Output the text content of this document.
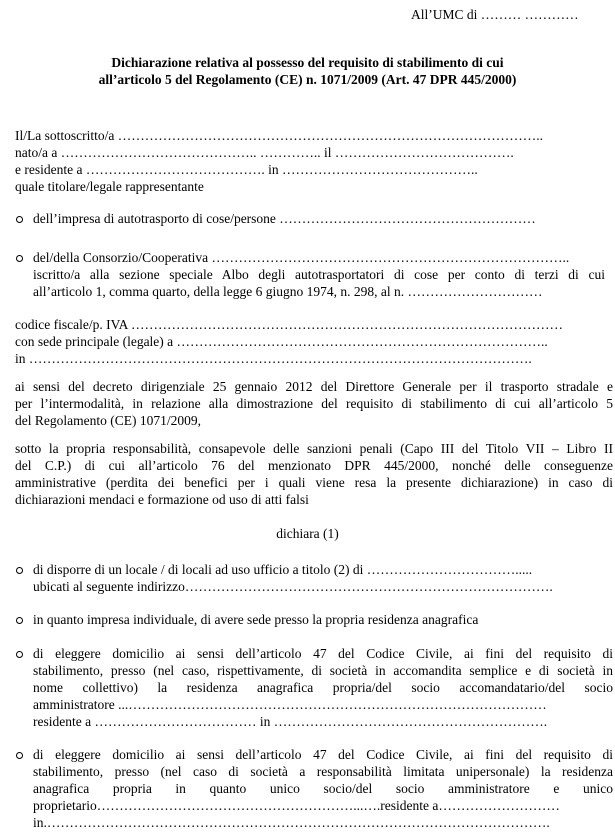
All’UMC di ……… …………
Dichiarazione relativa al possesso del requisito di stabilimento di cui
all’articolo 5 del Regolamento (CE) n. 1071/2009 (Art. 47 DPR 445/2000)
Il/La sottoscritto/a …………………………………………………………………………………..
nato/a a …………………………………….. ………….. il ………………………………….
e residente a …………………………………. in ……………………………………..
quale titolare/legale rappresentante
dell’impresa di autotrasporto di cose/persone …………………………………………………
del/della Consorzio/Cooperativa ……………………………………………………………………..
iscritto/a alla sezione speciale Albo degli autotrasportatori di cose per conto di terzi di cui
all’articolo 1, comma quarto, della legge 6 giugno 1974, n. 298, al n. …………………………
codice fiscale/p. IVA ……………………………………………………………………………………
con sede principale (legale) a ………………………………………………………………………..
in ………………………………………………………………………………………………….
ai sensi del decreto dirigenziale 25 gennaio 2012 del Direttore Generale per il trasporto stradale e
per l’intermodalità, in relazione alla dimostrazione del requisito di stabilimento di cui all’articolo 5
del Regolamento (CE) 1071/2009,
sotto la propria responsabilità, consapevole delle sanzioni penali (Capo III del Titolo VII – Libro II
del C.P.) di cui all’articolo 76 del menzionato DPR 445/2000, nonché delle conseguenze
amministrative (perdita dei benefici per i quali viene resa la presente dichiarazione) in caso di
dichiarazioni mendaci e formazione od uso di atti falsi
dichiara (1)
di disporre di un locale / di locali ad uso ufficio a titolo (2) di …………………………….....
ubicati al seguente indirizzo……………………………………………………………………….
in quanto impresa individuale, di avere sede presso la propria residenza anagrafica
di eleggere domicilio ai sensi dell’articolo 47 del Codice Civile, ai fini del requisito di
stabilimento, presso (nel caso, rispettivamente, di società in accomandita semplice e di società in
nome collettivo) la residenza anagrafica propria/del socio accomandatario/del socio
amministratore ...…………………………………………………………………………………
residente a ……………………………… in …………………………………………………….
di eleggere domicilio ai sensi dell’articolo 47 del Codice Civile, ai fini del requisito di
stabilimento, presso (nel caso di società a responsabilità limitata unipersonale) la residenza
anagrafica propria in quanto unico socio/del socio amministratore e unico
proprietario…………………………………………………...….residente a………………………
in.………………………………………………………………………………………………….
